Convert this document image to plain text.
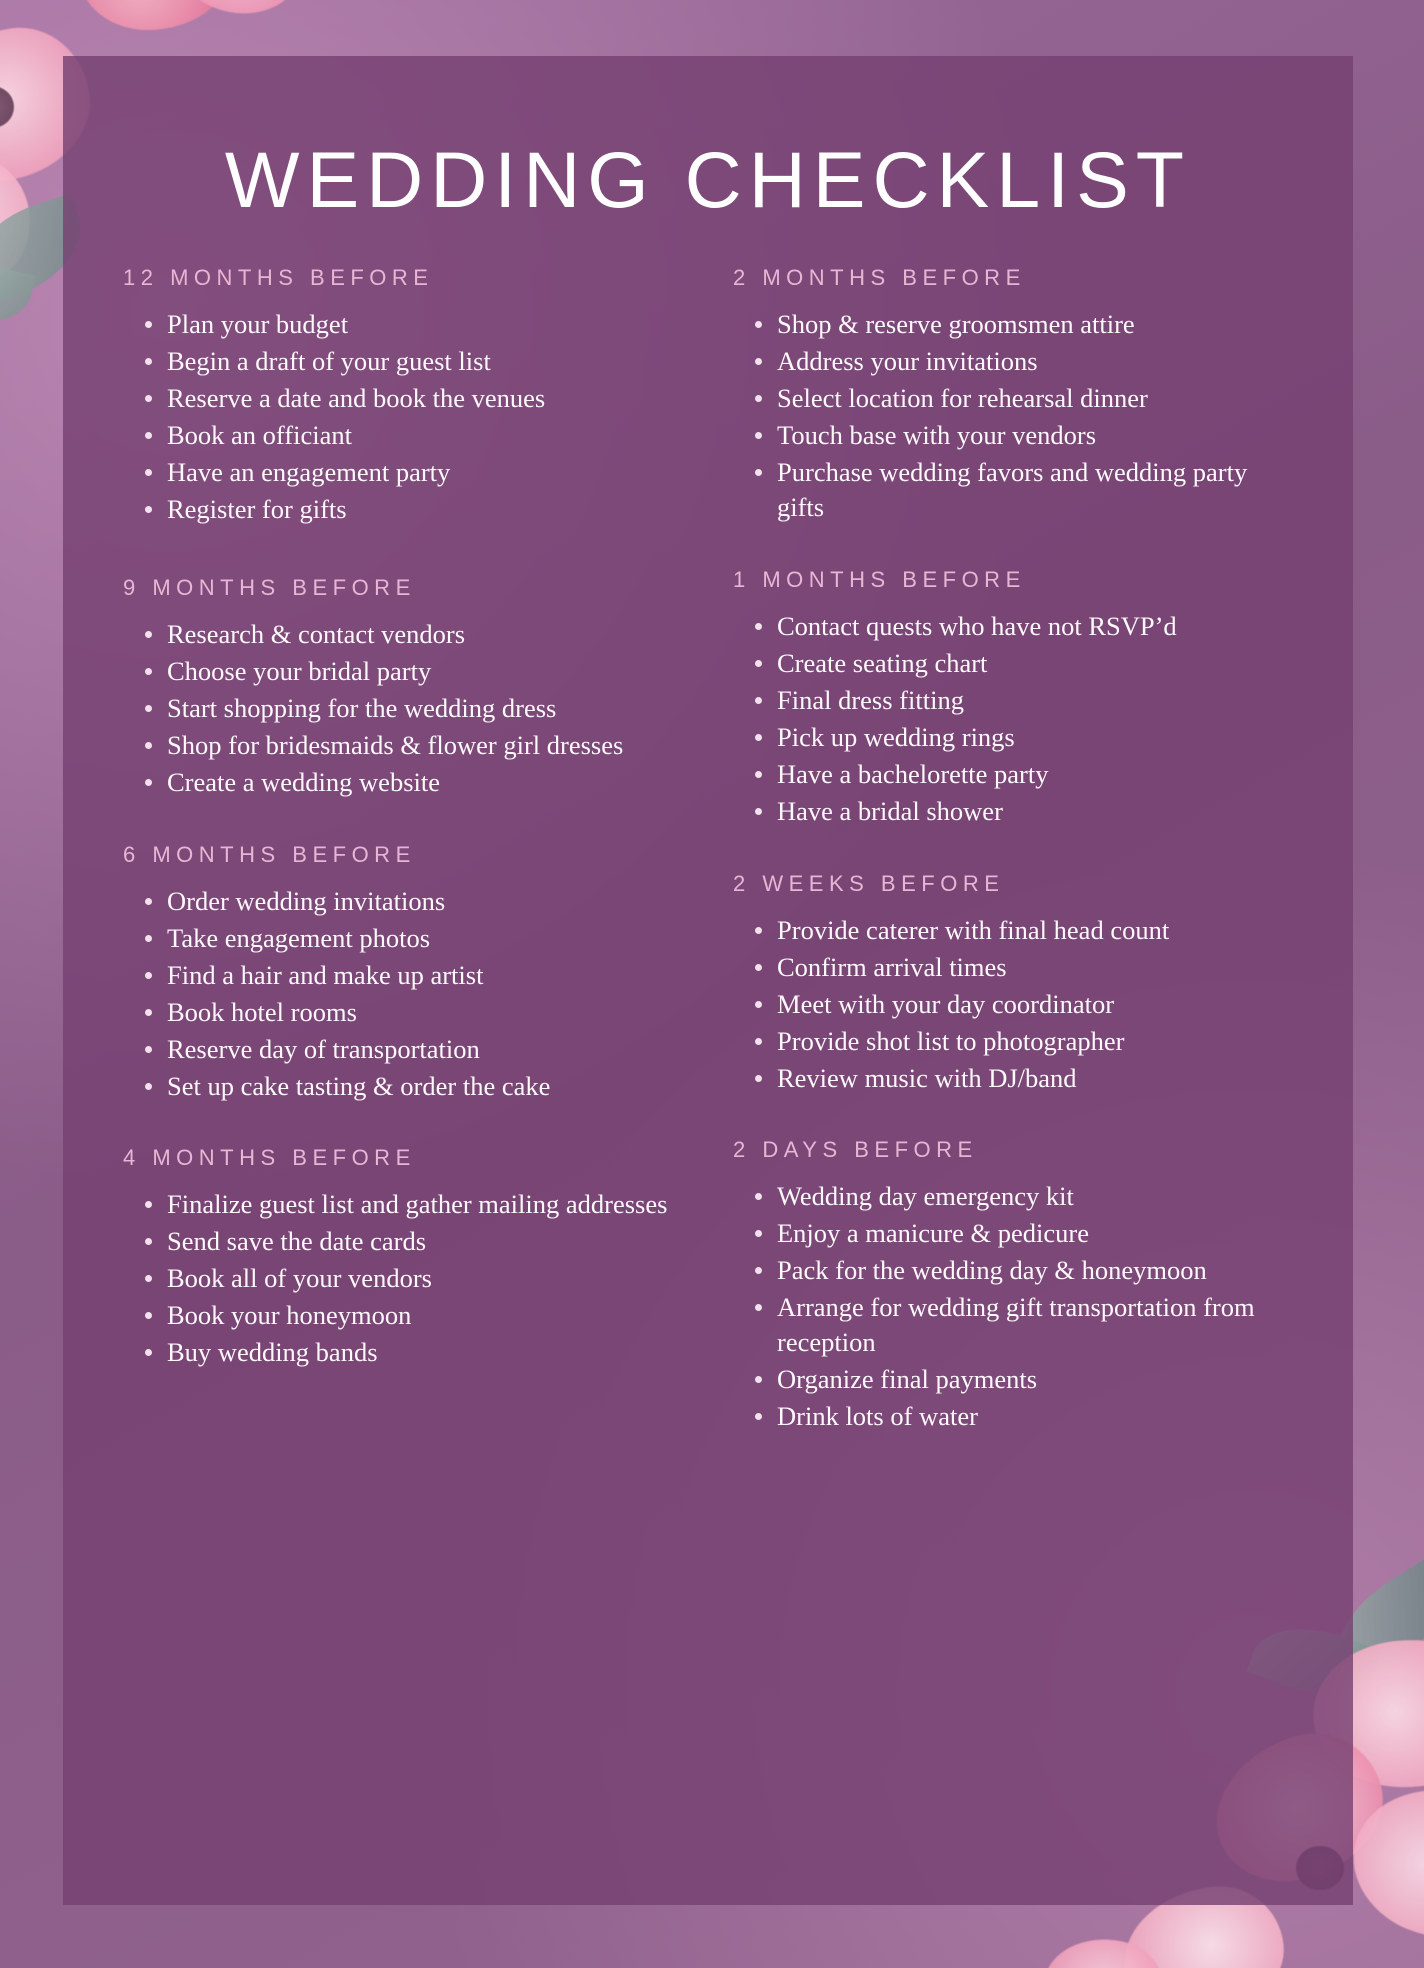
WEDDING CHECKLIST
12 MONTHS BEFORE
Plan your budget
Begin a draft of your guest list
Reserve a date and book the venues
Book an officiant
Have an engagement party
Register for gifts
9 MONTHS BEFORE
Research & contact vendors
Choose your bridal party
Start shopping for the wedding dress
Shop for bridesmaids & flower girl dresses
Create a wedding website
6 MONTHS BEFORE
Order wedding invitations
Take engagement photos
Find a hair and make up artist
Book hotel rooms
Reserve day of transportation
Set up cake tasting & order the cake
4 MONTHS BEFORE
Finalize guest list and gather mailing addresses
Send save the date cards
Book all of your vendors
Book your honeymoon
Buy wedding bands
2 MONTHS BEFORE
Shop & reserve groomsmen attire
Address your invitations
Select location for rehearsal dinner
Touch base with your vendors
Purchase wedding favors and wedding party gifts
1 MONTHS BEFORE
Contact quests who have not RSVP’d
Create seating chart
Final dress fitting
Pick up wedding rings
Have a bachelorette party
Have a bridal shower
2 WEEKS BEFORE
Provide caterer with final head count
Confirm arrival times
Meet with your day coordinator
Provide shot list to photographer
Review music with DJ/band
2 DAYS BEFORE
Wedding day emergency kit
Enjoy a manicure & pedicure
Pack for the wedding day & honeymoon
Arrange for wedding gift transportation from reception
Organize final payments
Drink lots of water
